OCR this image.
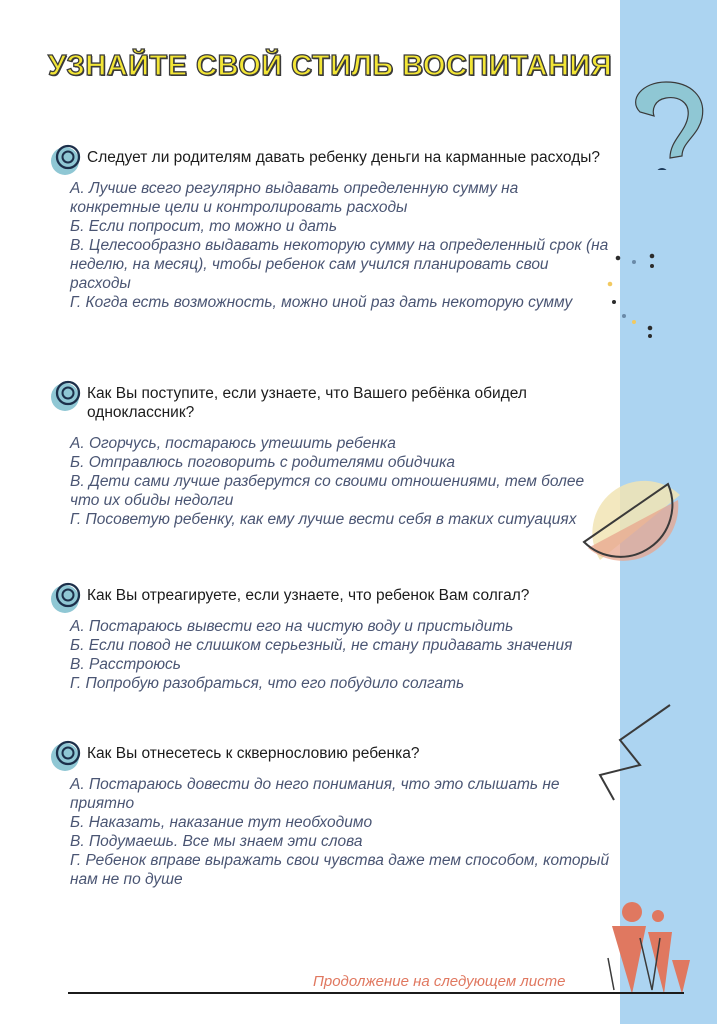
УЗНАЙТЕ СВОЙ СТИЛЬ ВОСПИТАНИЯ
Следует ли родителям давать ребенку деньги на карманные расходы?
А. Лучше всего регулярно выдавать определенную сумму на конкретные цели и контролировать расходы
Б. Если попросит, то можно и дать
В. Целесообразно выдавать некоторую сумму на определенный срок (на неделю, на месяц), чтобы ребенок сам учился планировать свои расходы
Г. Когда есть возможность, можно иной раз дать некоторую сумму
Как Вы поступите, если узнаете, что Вашего ребёнка обидел одноклассник?
А. Огорчусь, постараюсь утешить ребенка
Б. Отправлюсь поговорить с родителями обидчика
В. Дети сами лучше разберутся со своими отношениями, тем более что их обиды недолги
Г. Посоветую ребенку, как ему лучше вести себя в таких ситуациях
Как Вы отреагируете, если узнаете, что ребенок Вам солгал?
А. Постараюсь вывести его на чистую воду и пристыдить
Б. Если повод не слишком серьезный, не стану придавать значения
В. Расстроюсь
Г. Попробую разобраться, что его побудило солгать
Как Вы отнесетесь к сквернословию ребенка?
А. Постараюсь довести до него понимания, что это слышать не приятно
Б. Наказать, наказание тут необходимо
В. Подумаешь. Все мы знаем эти слова
Г. Ребенок вправе выражать свои чувства даже тем способом, который нам не по душе
Продолжение на следующем листе
